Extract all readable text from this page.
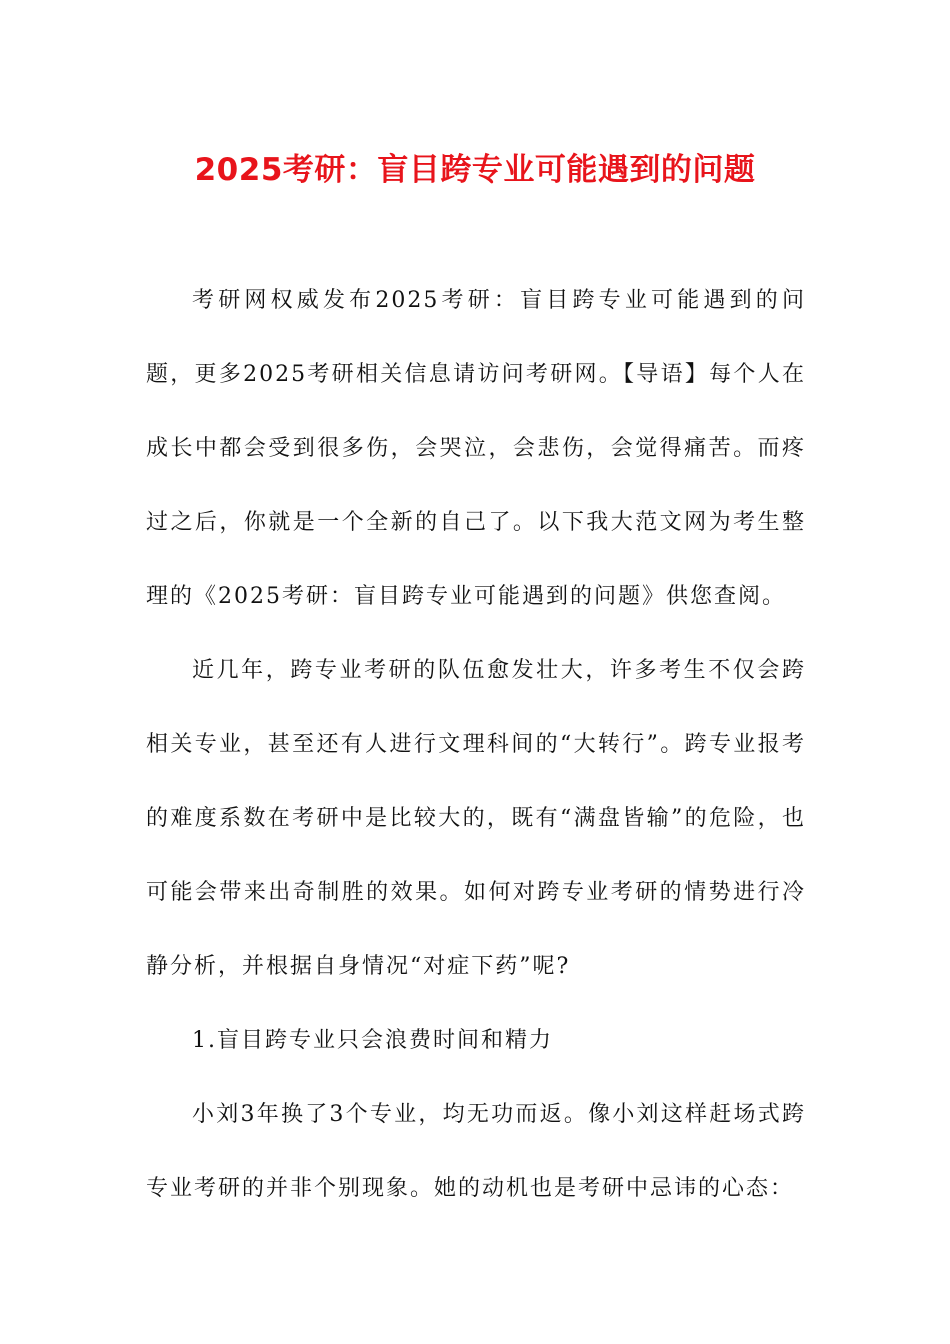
2025考研：盲目跨专业可能遇到的问题

考研网权威发布2025考研：盲目跨专业可能遇到的问题，更多2025考研相关信息请访问考研网。【导语】每个人在成长中都会受到很多伤，会哭泣，会悲伤，会觉得痛苦。而疼过之后，你就是一个全新的自己了。以下我大范文网为考生整理的《2025考研：盲目跨专业可能遇到的问题》供您查阅。

近几年，跨专业考研的队伍愈发壮大，许多考生不仅会跨相关专业，甚至还有人进行文理科间的“大转行”。跨专业报考的难度系数在考研中是比较大的，既有“满盘皆输”的危险，也可能会带来出奇制胜的效果。如何对跨专业考研的情势进行冷静分析，并根据自身情况“对症下药”呢?

1.盲目跨专业只会浪费时间和精力

小刘3年换了3个专业，均无功而返。像小刘这样赶场式跨专业考研的并非个别现象。她的动机也是考研中忌讳的心态：
